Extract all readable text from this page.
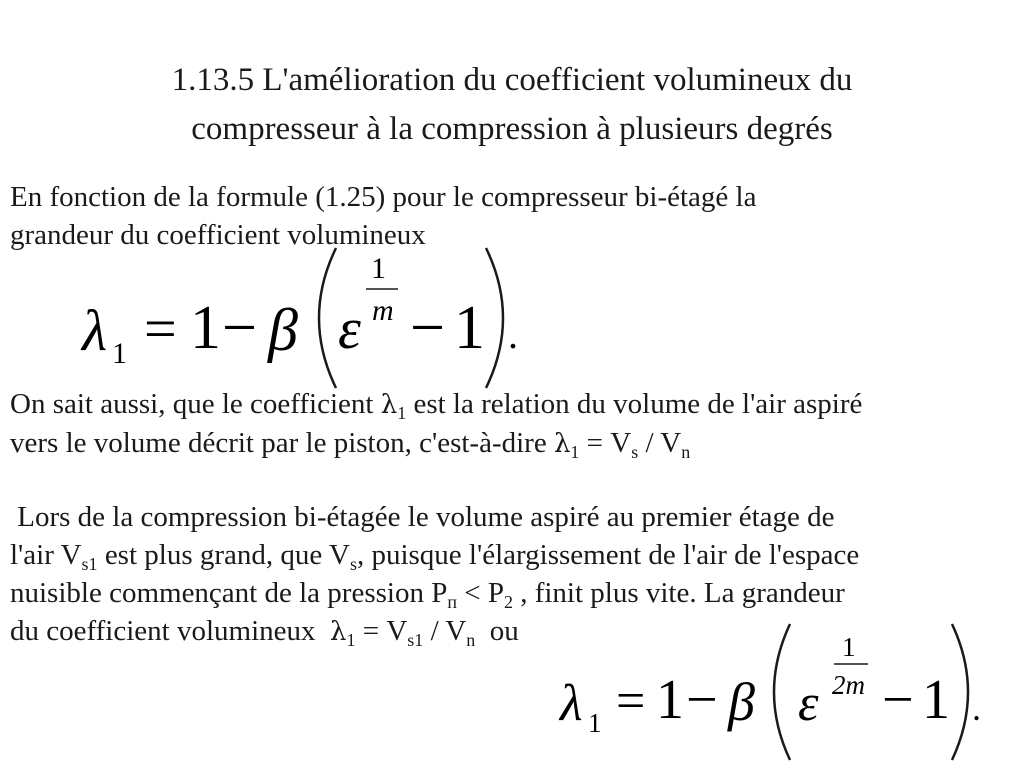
1.13.5 L'amélioration du coefficient volumineux du
compresseur à la compression à plusieurs degrés
En fonction de la formule (1.25) pour le compresseur bi-étagé la
grandeur du coefficient volumineux
λ 1 = 1 − β
1
ε m − 1 .
On sait aussi, que le coefficient $\lambda_1$ est la relation du volume de l'air aspiré
vers le volume décrit par le piston, c'est-à-dire $\lambda_1 = V_s / V_n$
Lors de la compression bi-étagée le volume aspiré au premier étage de
l'air $V_{s1}$ est plus grand, que $V_s$, puisque l'élargissement de l'air de l'espace
nuisible commençant de la pression $P_п < P_2$ , finit plus vite. La grandeur
du coefficient volumineux  $\lambda_1 = V_{s1} / V_n$  ou
λ 1 = 1 − β
1
ε 2m − 1 .
